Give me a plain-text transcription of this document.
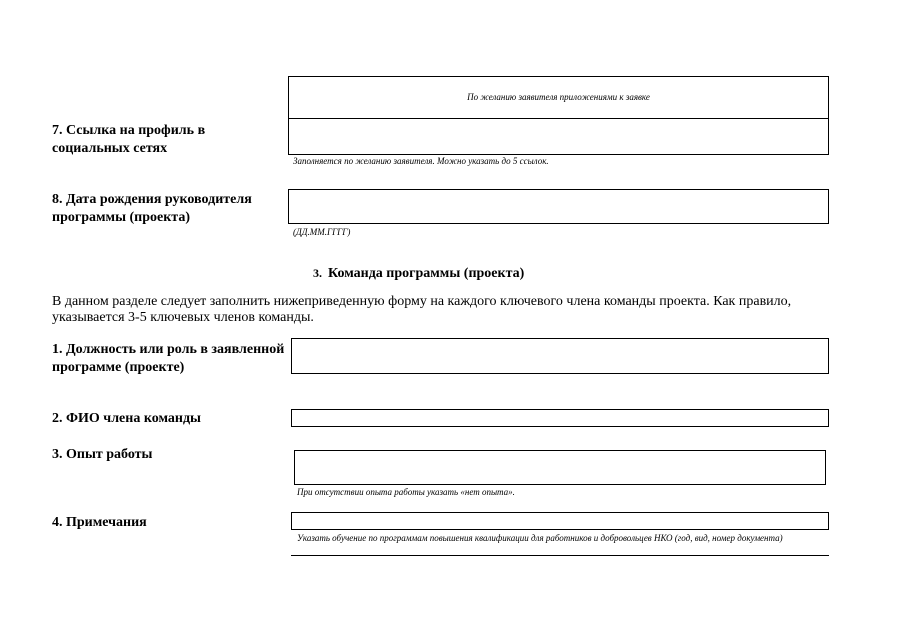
По желанию заявителя приложениями к заявке
7. Ссылка на профиль в социальных сетях
Заполняется по желанию заявителя. Можно указать до 5 ссылок.
8. Дата рождения руководителя программы (проекта)
(ДД.ММ.ГГГГ)
3. Команда программы (проекта)
В данном разделе следует заполнить нижеприведенную форму на каждого ключевого члена команды проекта. Как правило, указывается 3-5 ключевых членов команды.
1. Должность или роль в заявленной программе (проекте)
2. ФИО члена команды
3. Опыт работы
При отсутствии опыта работы указать «нет опыта».
4. Примечания
Указать обучение по программам повышения квалификации для работников и добровольцев НКО (год, вид, номер документа)
